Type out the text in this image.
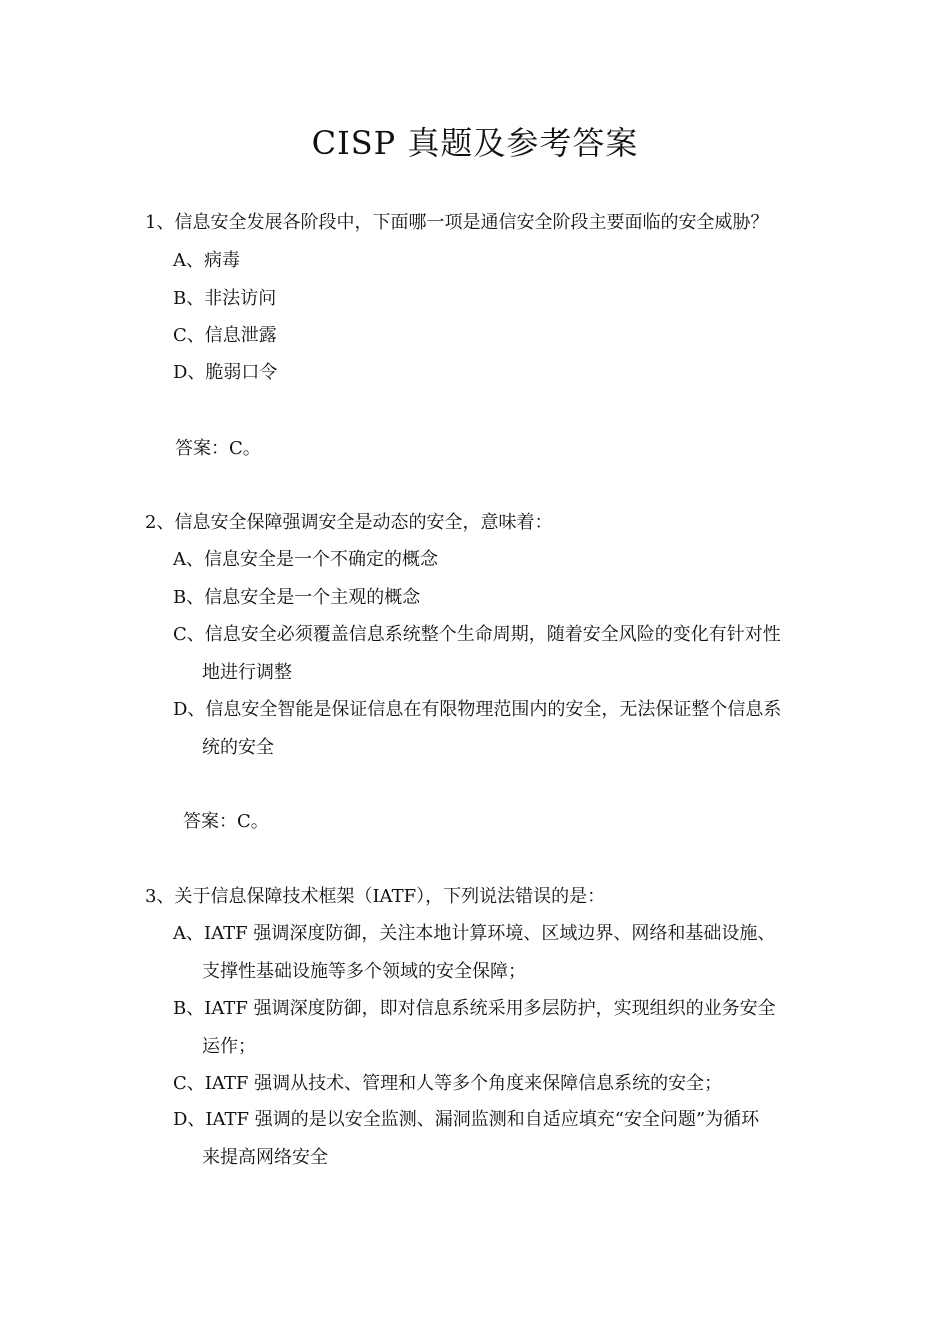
CISP 真题及参考答案
1、信息安全发展各阶段中，下面哪一项是通信安全阶段主要面临的安全威胁？
A、病毒
B、非法访问
C、信息泄露
D、脆弱口令
答案：C。
2、信息安全保障强调安全是动态的安全，意味着：
A、信息安全是一个不确定的概念
B、信息安全是一个主观的概念
C、信息安全必须覆盖信息系统整个生命周期，随着安全风险的变化有针对性
地进行调整
D、信息安全智能是保证信息在有限物理范围内的安全，无法保证整个信息系
统的安全
答案：C。
3、关于信息保障技术框架（IATF），下列说法错误的是：
A、IATF 强调深度防御，关注本地计算环境、区域边界、网络和基础设施、
支撑性基础设施等多个领域的安全保障；
B、IATF 强调深度防御，即对信息系统采用多层防护，实现组织的业务安全
运作；
C、IATF 强调从技术、管理和人等多个角度来保障信息系统的安全；
D、IATF 强调的是以安全监测、漏洞监测和自适应填充“安全问题”为循环
来提高网络安全
